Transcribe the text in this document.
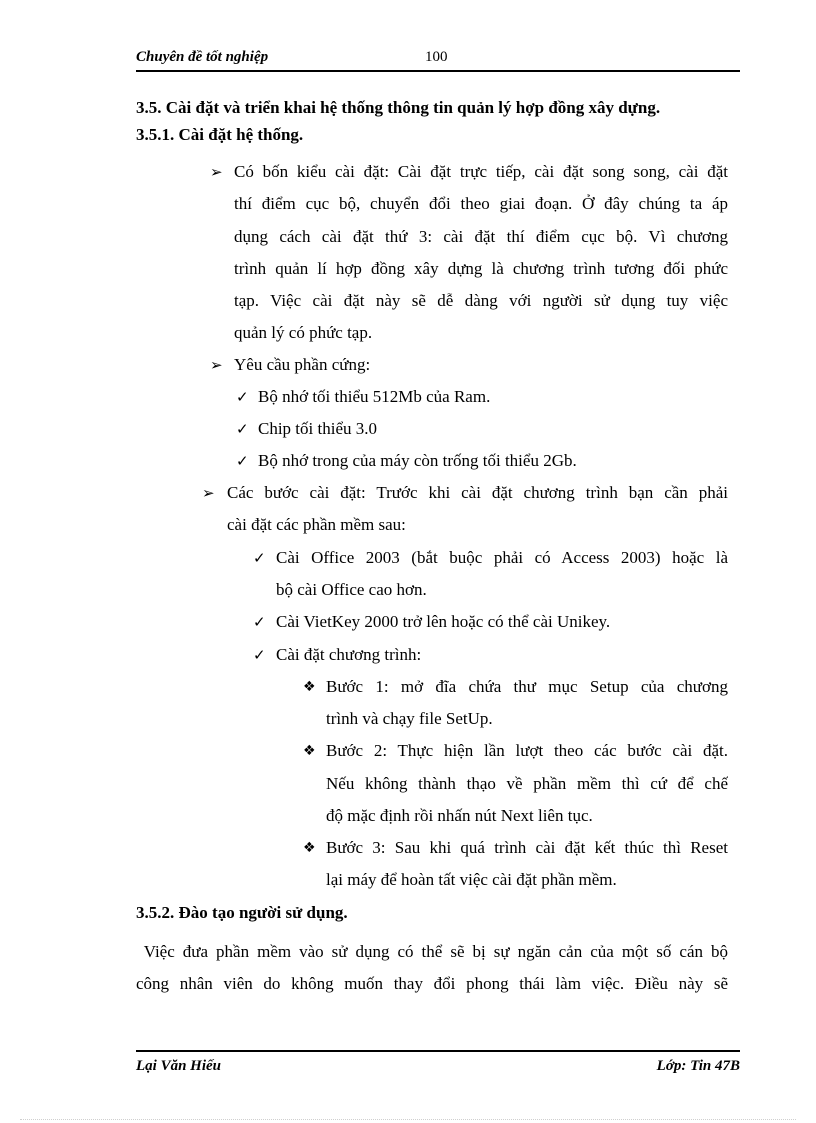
Chuyên đề tốt nghiệp	100
3.5. Cài đặt và triển khai hệ thống thông tin quản lý hợp đồng xây dựng.
3.5.1. Cài đặt hệ thống.
➢ Có bốn kiểu cài đặt: Cài đặt trực tiếp, cài đặt song song, cài đặt
thí điểm cục bộ, chuyển đổi theo giai đoạn. Ở đây chúng ta áp
dụng cách cài đặt thứ 3: cài đặt thí điểm cục bộ. Vì chương
trình quản lí hợp đồng xây dựng là chương trình tương đối phức
tạp. Việc cài đặt này sẽ dễ dàng với người sử dụng tuy việc
quản lý có phức tạp.
➢ Yêu cầu phần cứng:
✓ Bộ nhớ tối thiểu 512Mb của Ram.
✓ Chip tối thiểu 3.0
✓ Bộ nhớ trong của máy còn trống tối thiểu 2Gb.
➢ Các bước cài đặt: Trước khi cài đặt chương trình bạn cần phải
cài đặt các phần mềm sau:
✓ Cài Office 2003 (bắt buộc phải có Access 2003) hoặc là
bộ cài Office cao hơn.
✓ Cài VietKey 2000 trở lên hoặc có thể cài Unikey.
✓ Cài đặt chương trình:
❖ Bước 1: mở đĩa chứa thư mục Setup của chương
trình và chạy file SetUp.
❖ Bước 2: Thực hiện lần lượt theo các bước cài đặt.
Nếu không thành thạo về phần mềm thì cứ để chế
độ mặc định rồi nhấn nút Next liên tục.
❖ Bước 3: Sau khi quá trình cài đặt kết thúc thì Reset
lại máy để hoàn tất việc cài đặt phần mềm.
3.5.2. Đào tạo người sử dụng.
Việc đưa phần mềm vào sử dụng có thể sẽ bị sự ngăn cản của một số cán bộ
công nhân viên do không muốn thay đổi phong thái làm việc. Điều này sẽ
Lại Văn Hiếu	Lớp: Tin 47B
